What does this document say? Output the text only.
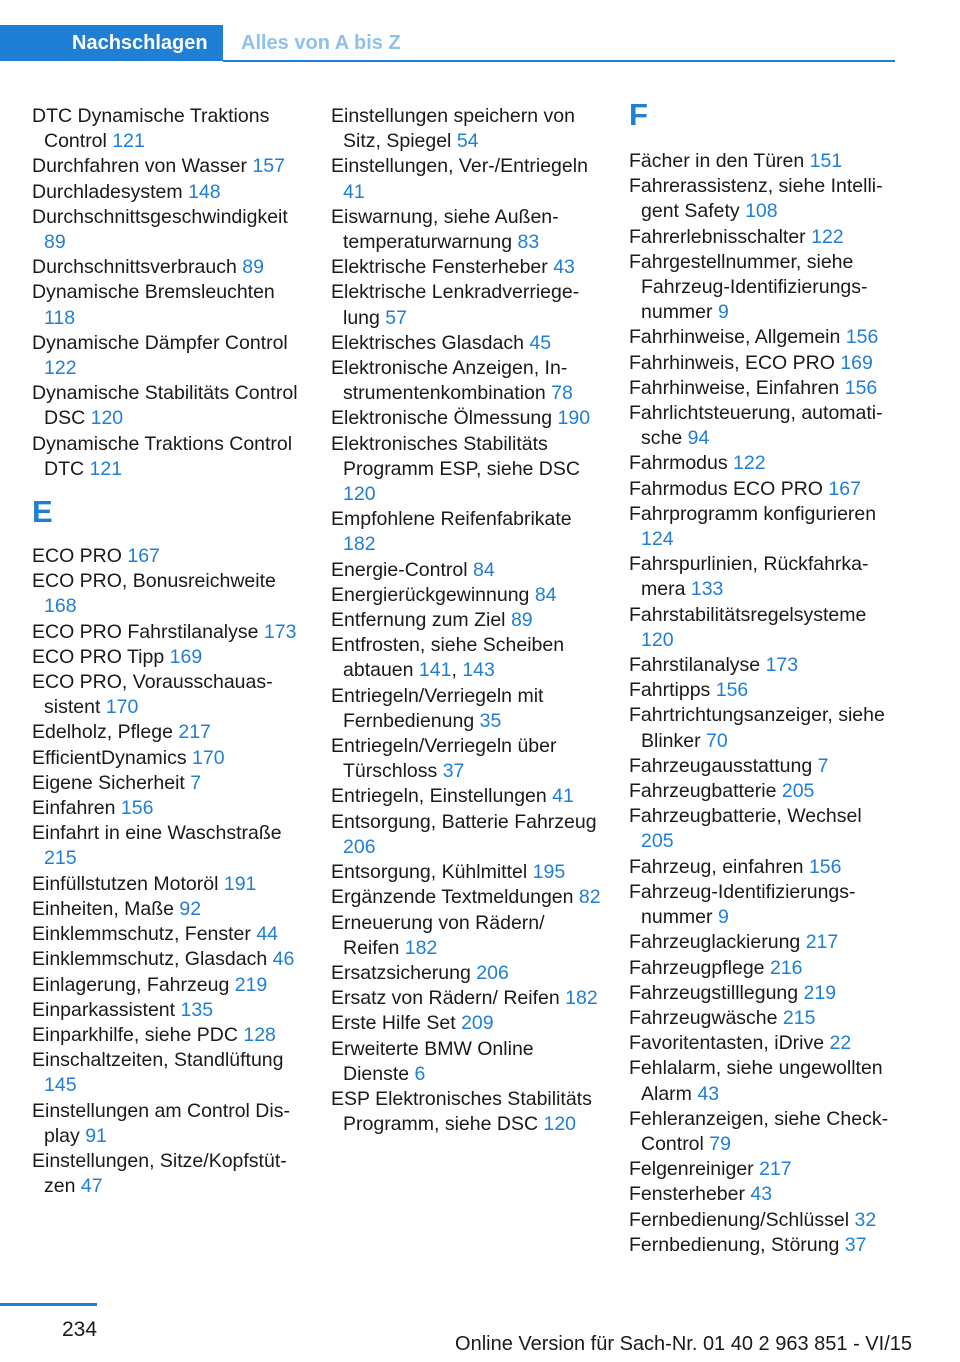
Nachschlagen	Alles von A bis Z
DTC Dynamische Traktions Control 121
Durchfahren von Wasser 157
Durchladesystem 148
Durchschnittsgeschwindigkeit 89
Durchschnittsverbrauch 89
Dynamische Bremsleuchten 118
Dynamische Dämpfer Control 122
Dynamische Stabilitäts Control DSC 120
Dynamische Traktions Control DTC 121
E
ECO PRO 167
ECO PRO, Bonusreichweite 168
ECO PRO Fahrstilanalyse 173
ECO PRO Tipp 169
ECO PRO, Vorausschauassistent 170
Edelholz, Pflege 217
EfficientDynamics 170
Eigene Sicherheit 7
Einfahren 156
Einfahrt in eine Waschstraße 215
Einfüllstutzen Motoröl 191
Einheiten, Maße 92
Einklemmschutz, Fenster 44
Einklemmschutz, Glasdach 46
Einlagerung, Fahrzeug 219
Einparkassistent 135
Einparkhilfe, siehe PDC 128
Einschaltzeiten, Standlüftung 145
Einstellungen am Control Display 91
Einstellungen, Sitze/Kopfstützen 47
Einstellungen speichern von Sitz, Spiegel 54
Einstellungen, Ver-/Entriegeln 41
Eiswarnung, siehe Außentemperaturwarnung 83
Elektrische Fensterheber 43
Elektrische Lenkradverriegelung 57
Elektrisches Glasdach 45
Elektronische Anzeigen, Instrumentenkombination 78
Elektronische Ölmessung 190
Elektronisches Stabilitäts Programm ESP, siehe DSC 120
Empfohlene Reifenfabrikate 182
Energie-Control 84
Energierückgewinnung 84
Entfernung zum Ziel 89
Entfrosten, siehe Scheiben abtauen 141, 143
Entriegeln/Verriegeln mit Fernbedienung 35
Entriegeln/Verriegeln über Türschloss 37
Entriegeln, Einstellungen 41
Entsorgung, Batterie Fahrzeug 206
Entsorgung, Kühlmittel 195
Ergänzende Textmeldungen 82
Erneuerung von Rädern/ Reifen 182
Ersatzsicherung 206
Ersatz von Rädern/ Reifen 182
Erste Hilfe Set 209
Erweiterte BMW Online Dienste 6
ESP Elektronisches Stabilitäts Programm, siehe DSC 120
F
Fächer in den Türen 151
Fahrerassistenz, siehe Intelligent Safety 108
Fahrerlebnisschalter 122
Fahrgestellnummer, siehe Fahrzeug-Identifizierungsnummer 9
Fahrhinweise, Allgemein 156
Fahrhinweis, ECO PRO 169
Fahrhinweise, Einfahren 156
Fahrlichtsteuerung, automatische 94
Fahrmodus 122
Fahrmodus ECO PRO 167
Fahrprogramm konfigurieren 124
Fahrspurlinien, Rückfahrkamera 133
Fahrstabilitätsregelsysteme 120
Fahrstilanalyse 173
Fahrtipps 156
Fahrtrichtungsanzeiger, siehe Blinker 70
Fahrzeugausstattung 7
Fahrzeugbatterie 205
Fahrzeugbatterie, Wechsel 205
Fahrzeug, einfahren 156
Fahrzeug-Identifizierungsnummer 9
Fahrzeuglackierung 217
Fahrzeugpflege 216
Fahrzeugstilllegung 219
Fahrzeugwäsche 215
Favoritentasten, iDrive 22
Fehlalarm, siehe ungewollten Alarm 43
Fehleranzeigen, siehe Check-Control 79
Felgenreiniger 217
Fensterheber 43
Fernbedienung/Schlüssel 32
Fernbedienung, Störung 37
234
Online Version für Sach-Nr. 01 40 2 963 851 - VI/15
